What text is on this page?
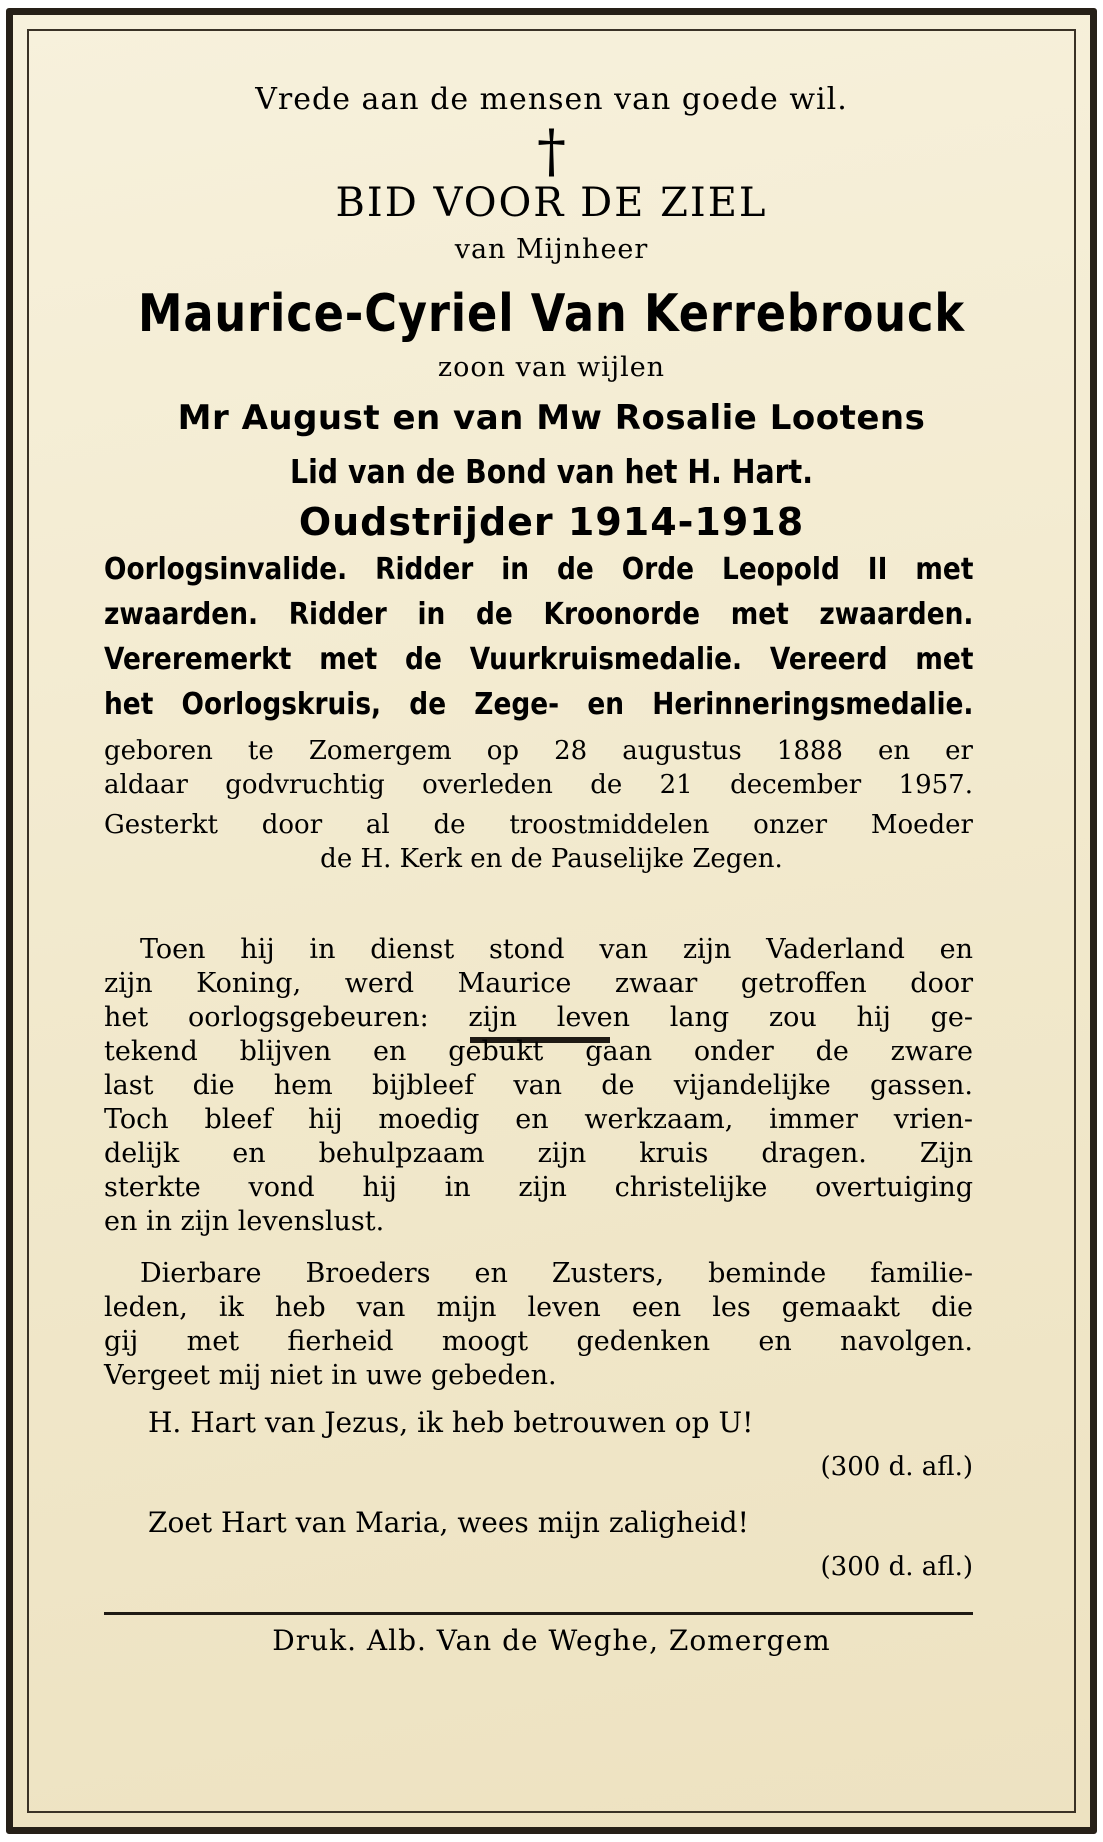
Vrede aan de mensen van goede wil.
†
BID VOOR DE ZIEL
van Mijnheer
Maurice-Cyriel Van Kerrebrouck
zoon van wijlen
Mr August en van Mw Rosalie Lootens
Lid van de Bond van het H. Hart.
Oudstrijder 1914-1918
Oorlogsinvalide. Ridder in de Orde Leopold II met
zwaarden. Ridder in de Kroonorde met zwaarden.
Vereremerkt met de Vuurkruismedalie. Vereerd met
het Oorlogskruis, de Zege- en Herinneringsmedalie.
geboren te Zomergem op 28 augustus 1888 en er
aldaar godvruchtig overleden de 21 december 1957.
Gesterkt door al de troostmiddelen onzer Moeder
de H. Kerk en de Pauselijke Zegen.
Toen hij in dienst stond van zijn Vaderland en
zijn Koning, werd Maurice zwaar getroffen door
het oorlogsgebeuren: zijn leven lang zou hij ge-
tekend blijven en gebukt gaan onder de zware
last die hem bijbleef van de vijandelijke gassen.
Toch bleef hij moedig en werkzaam, immer vrien-
delijk en behulpzaam zijn kruis dragen. Zijn
sterkte vond hij in zijn christelijke overtuiging
en in zijn levenslust.
Dierbare Broeders en Zusters, beminde familie-
leden, ik heb van mijn leven een les gemaakt die
gij met fierheid moogt gedenken en navolgen.
Vergeet mij niet in uwe gebeden.
H. Hart van Jezus, ik heb betrouwen op U!
(300 d. afl.)
Zoet Hart van Maria, wees mijn zaligheid!
(300 d. afl.)
Druk. Alb. Van de Weghe, Zomergem
